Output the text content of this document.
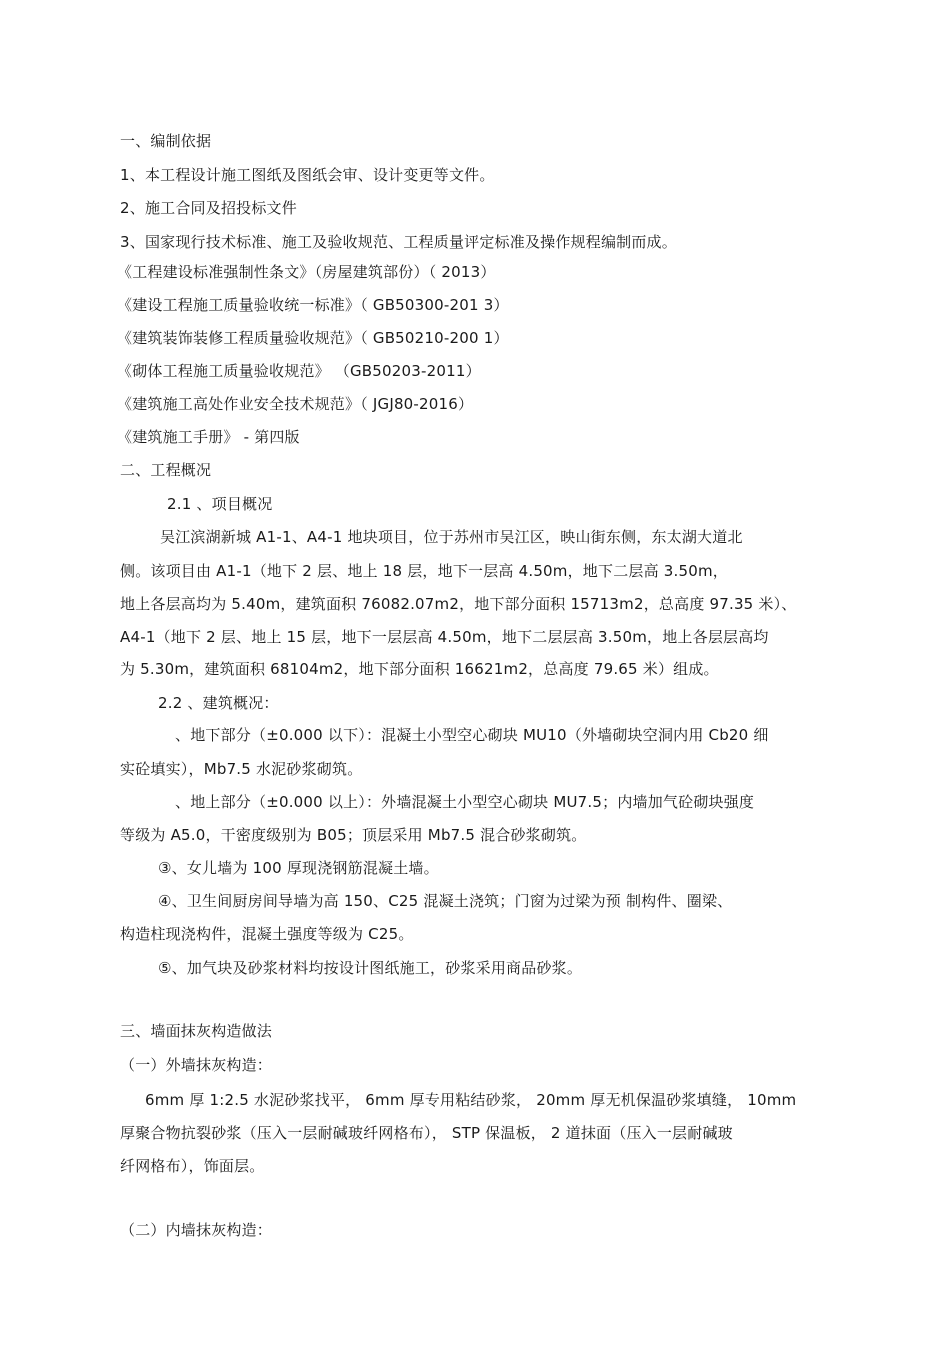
一、编制依据
1、本工程设计施工图纸及图纸会审、设计变更等文件。
2、施工合同及招投标文件
3、国家现行技术标准、施工及验收规范、工程质量评定标准及操作规程编制而成。
《工程建设标准强制性条文》（房屋建筑部份）（ 2013）
《建设工程施工质量验收统一标准》（ GB50300-201 3）
《建筑装饰装修工程质量验收规范》（ GB50210-200 1）
《砌体工程施工质量验收规范》 （GB50203-2011）
《建筑施工高处作业安全技术规范》（ JGJ80-2016）
《建筑施工手册》 - 第四版
二、工程概况
2.1 、项目概况
吴江滨湖新城 A1-1、A4-1 地块项目，位于苏州市吴江区，映山街东侧，东太湖大道北
侧。该项目由 A1-1（地下 2 层、地上 18 层，地下一层高 4.50m，地下二层高 3.50m，
地上各层高均为 5.40m，建筑面积 76082.07m2，地下部分面积 15713m2，总高度 97.35 米）、
A4-1（地下 2 层、地上 15 层，地下一层层高 4.50m，地下二层层高 3.50m，地上各层层高均
为 5.30m，建筑面积 68104m2，地下部分面积 16621m2，总高度 79.65 米）组成。
2.2 、建筑概况：
、地下部分（±0.000 以下）：混凝土小型空心砌块 MU10（外墙砌块空洞内用 Cb20 细
实砼填实），Mb7.5 水泥砂浆砌筑。
、地上部分（±0.000 以上）：外墙混凝土小型空心砌块 MU7.5；内墙加气砼砌块强度
等级为 A5.0，干密度级别为 B05；顶层采用 Mb7.5 混合砂浆砌筑。
③、女儿墙为 100 厚现浇钢筋混凝土墙。
④、卫生间厨房间导墙为高 150、C25 混凝土浇筑；门窗为过梁为预 制构件、圈梁、
构造柱现浇构件，混凝土强度等级为 C25。
⑤、加气块及砂浆材料均按设计图纸施工，砂浆采用商品砂浆。
三、墙面抹灰构造做法
（一）外墙抹灰构造：
6mm 厚 1:2.5 水泥砂浆找平， 6mm 厚专用粘结砂浆， 20mm 厚无机保温砂浆填缝， 10mm
厚聚合物抗裂砂浆（压入一层耐碱玻纤网格布）， STP 保温板， 2 道抹面（压入一层耐碱玻
纤网格布），饰面层。
（二）内墙抹灰构造：
